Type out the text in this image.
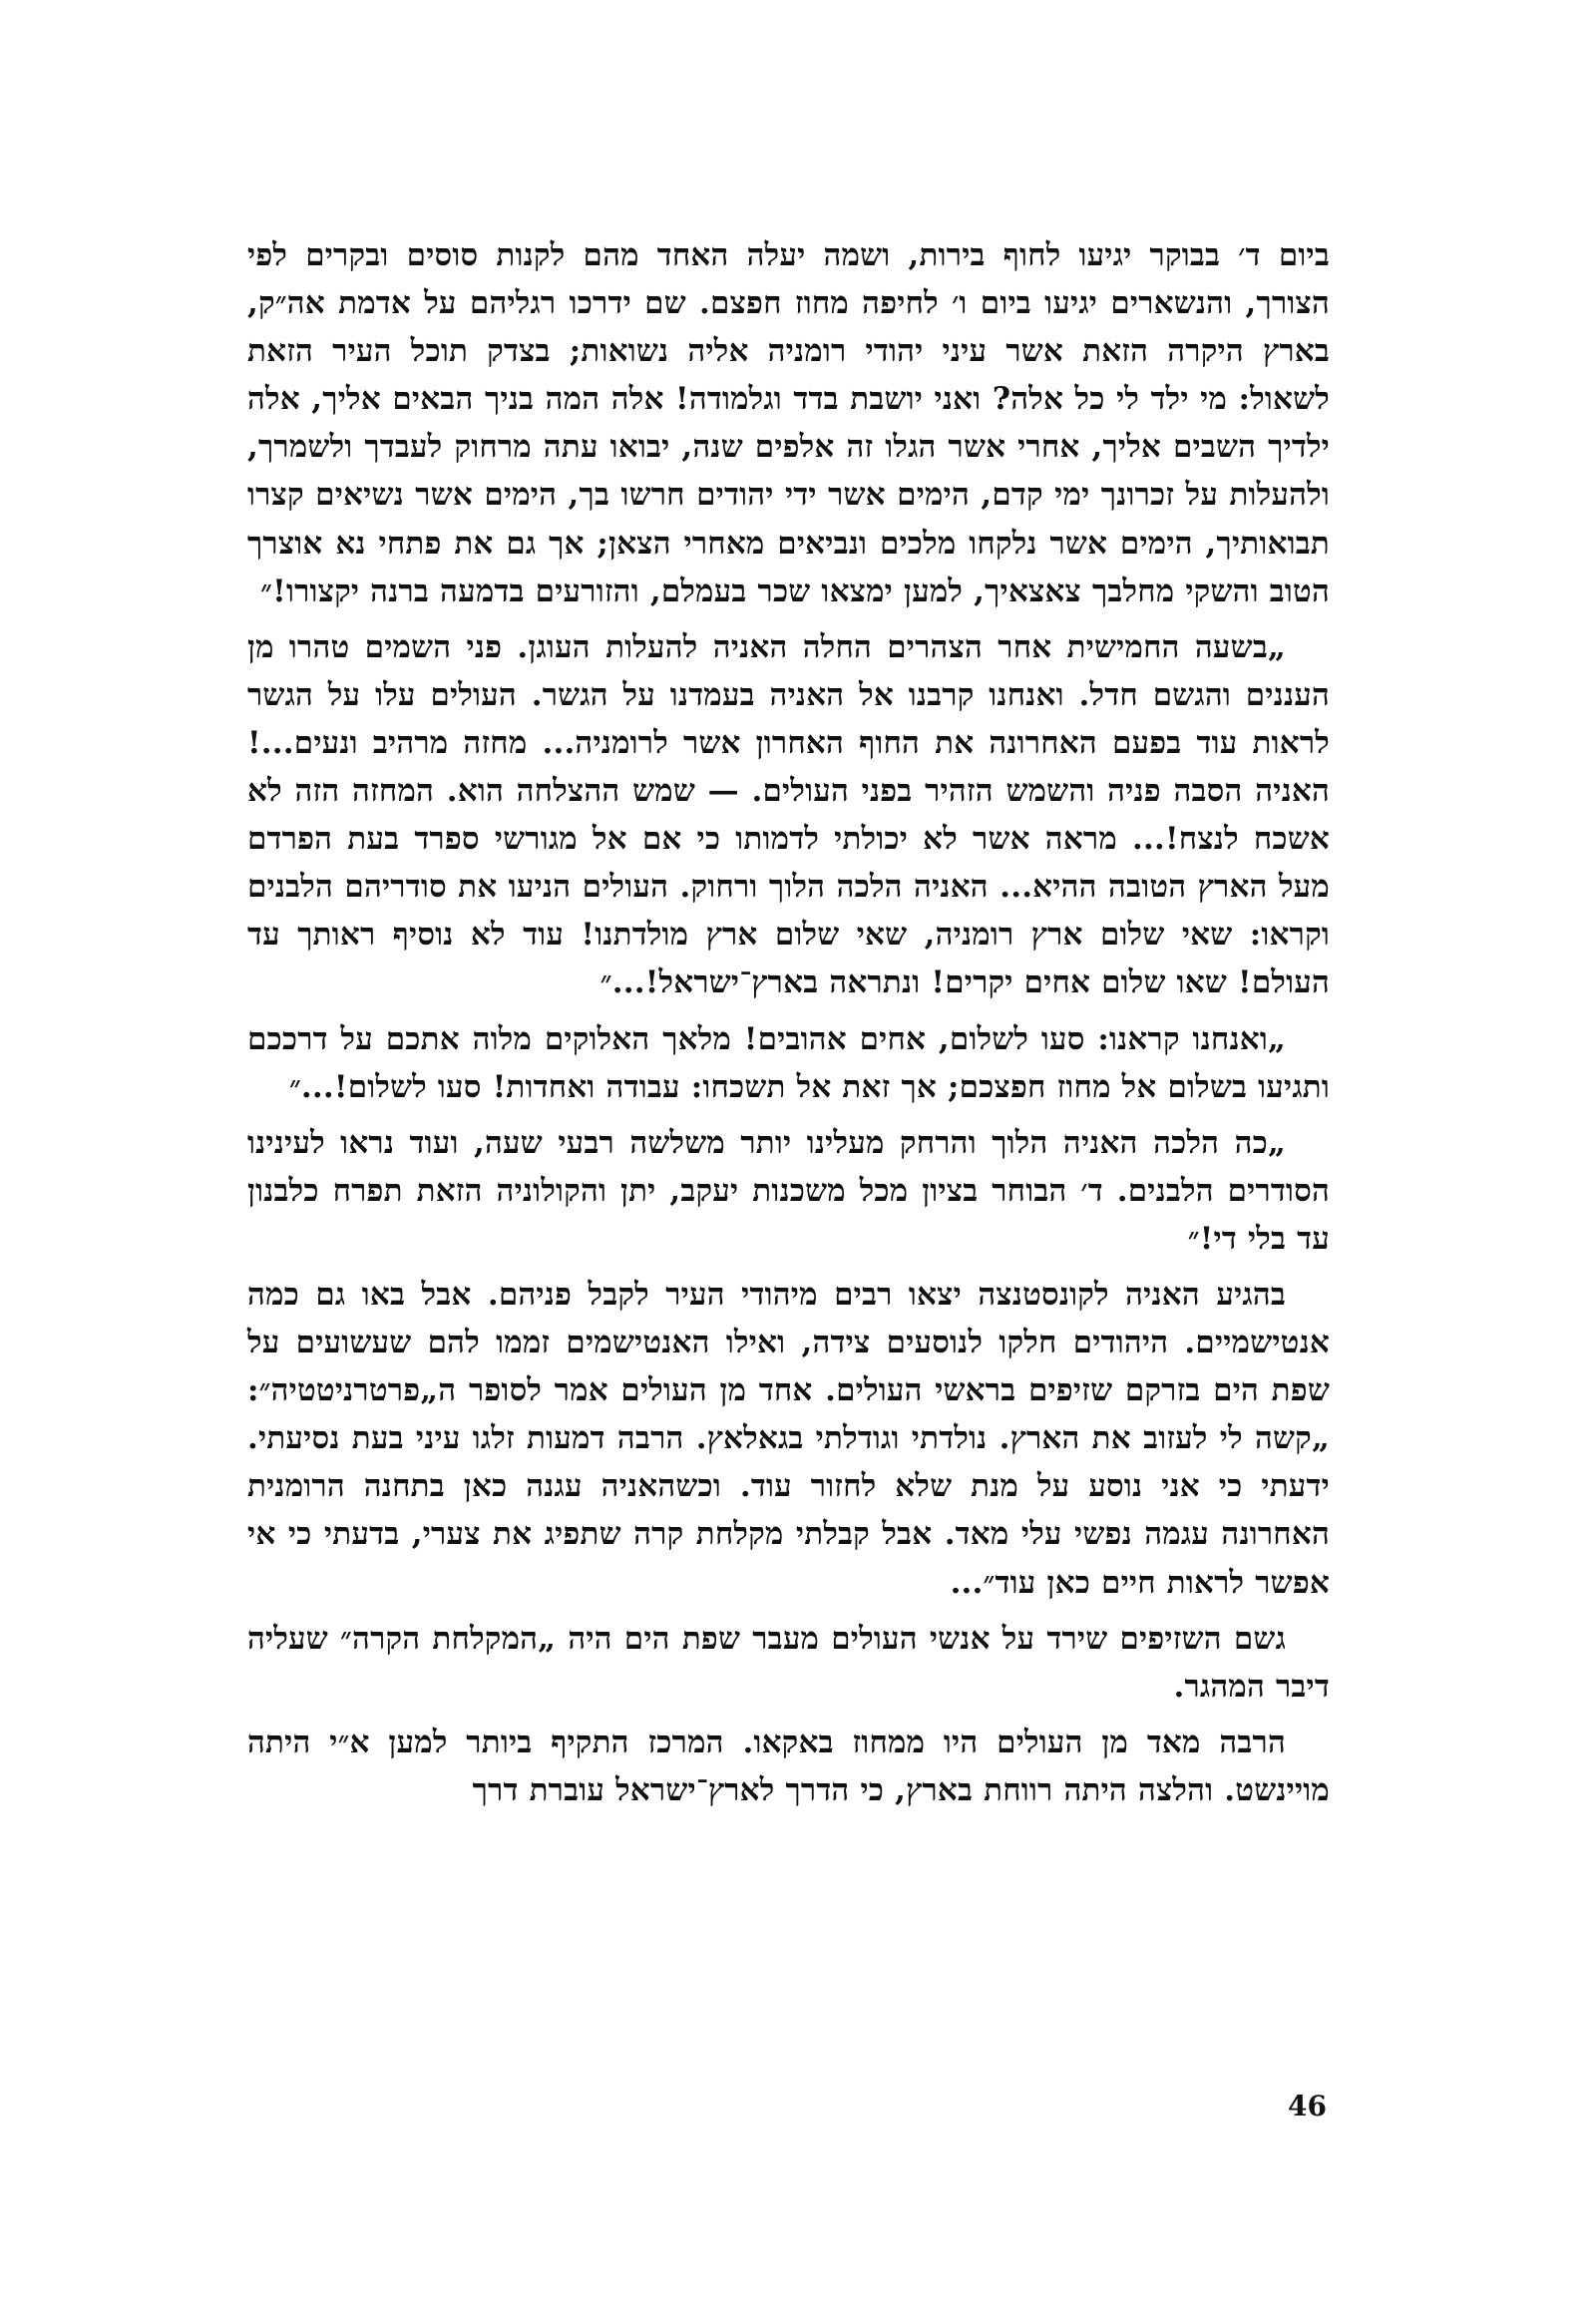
ביום ד׳ בבוקר יגיעו לחוף בירות, ושמה יעלה האחד מהם לקנות סוסים ובקרים לפי הצורך, והנשארים יגיעו ביום ו׳ לחיפה מחוז חפצם. שם ידרכו רגליהם על אדמת אה״ק, בארץ היקרה הזאת אשר עיני יהודי רומניה אליה נשואות; בצדק תוכל העיר הזאת לשאול: מי ילד לי כל אלה? ואני יושבת בדד וגלמודה! אלה המה בניך הבאים אליך, אלה ילדיך השבים אליך, אחרי אשר הגלו זה אלפים שנה, יבואו עתה מרחוק לעבדך ולשמרך, ולהעלות על זכרונך ימי קדם, הימים אשר ידי יהודים חרשו בך, הימים אשר נשיאים קצרו תבואותיך, הימים אשר נלקחו מלכים ונביאים מאחרי הצאן; אך גם את פתחי נא אוצרך הטוב והשקי מחלבך צאצאיך, למען ימצאו שכר בעמלם, והזורעים בדמעה ברנה יקצורו!״

„בשעה החמישית אחר הצהרים החלה האניה להעלות העוגן. פני השמים טהרו מן העננים והגשם חדל. ואנחנו קרבנו אל האניה בעמדנו על הגשר. העולים עלו על הגשר לראות עוד בפעם האחרונה את החוף האחרון אשר לרומניה... מחזה מרהיב ונעים...! האניה הסבה פניה והשמש הזהיר בפני העולים. — שמש ההצלחה הוא. המחזה הזה לא אשכח לנצח!... מראה אשר לא יכולתי לדמותו כי אם אל מגורשי ספרד בעת הפרדם מעל הארץ הטובה ההיא... האניה הלכה הלוך ורחוק. העולים הניעו את סודריהם הלבנים וקראו: שאי שלום ארץ רומניה, שאי שלום ארץ מולדתנו! עוד לא נוסיף ראותך עד העולם! שאו שלום אחים יקרים! ונתראה בארץ־ישראל!...״

„ואנחנו קראנו: סעו לשלום, אחים אהובים! מלאך האלוקים מלוה אתכם על דרככם ותגיעו בשלום אל מחוז חפצכם; אך זאת אל תשכחו: עבודה ואחדות! סעו לשלום!...״

„כה הלכה האניה הלוך והרחק מעלינו יותר משלשה רבעי שעה, ועוד נראו לעינינו הסודרים הלבנים. ד׳ הבוחר בציון מכל משכנות יעקב, יתן והקולוניה הזאת תפרח כלבנון עד בלי די!״

בהגיע האניה לקונסטנצה יצאו רבים מיהודי העיר לקבל פניהם. אבל באו גם כמה אנטישמיים. היהודים חלקו לנוסעים צידה, ואילו האנטישמים זממו להם שעשועים על שפת הים בזרקם שזיפים בראשי העולים. אחד מן העולים אמר לסופר ה„פרטרניטטיה״: „קשה לי לעזוב את הארץ. נולדתי וגודלתי בגאלאץ. הרבה דמעות זלגו עיני בעת נסיעתי. ידעתי כי אני נוסע על מנת שלא לחזור עוד. וכשהאניה עגנה כאן בתחנה הרומנית האחרונה עגמה נפשי עלי מאד. אבל קבלתי מקלחת קרה שתפיג את צערי, בדעתי כי אי אפשר לראות חיים כאן עוד״...

גשם השזיפים שירד על אנשי העולים מעבר שפת הים היה „המקלחת הקרה״ שעליה דיבר המהגר.

הרבה מאד מן העולים היו ממחוז באקאו. המרכז התקיף ביותר למען א״י היתה מויינשט. והלצה היתה רווחת בארץ, כי הדרך לארץ־ישראל עוברת דרך

46
